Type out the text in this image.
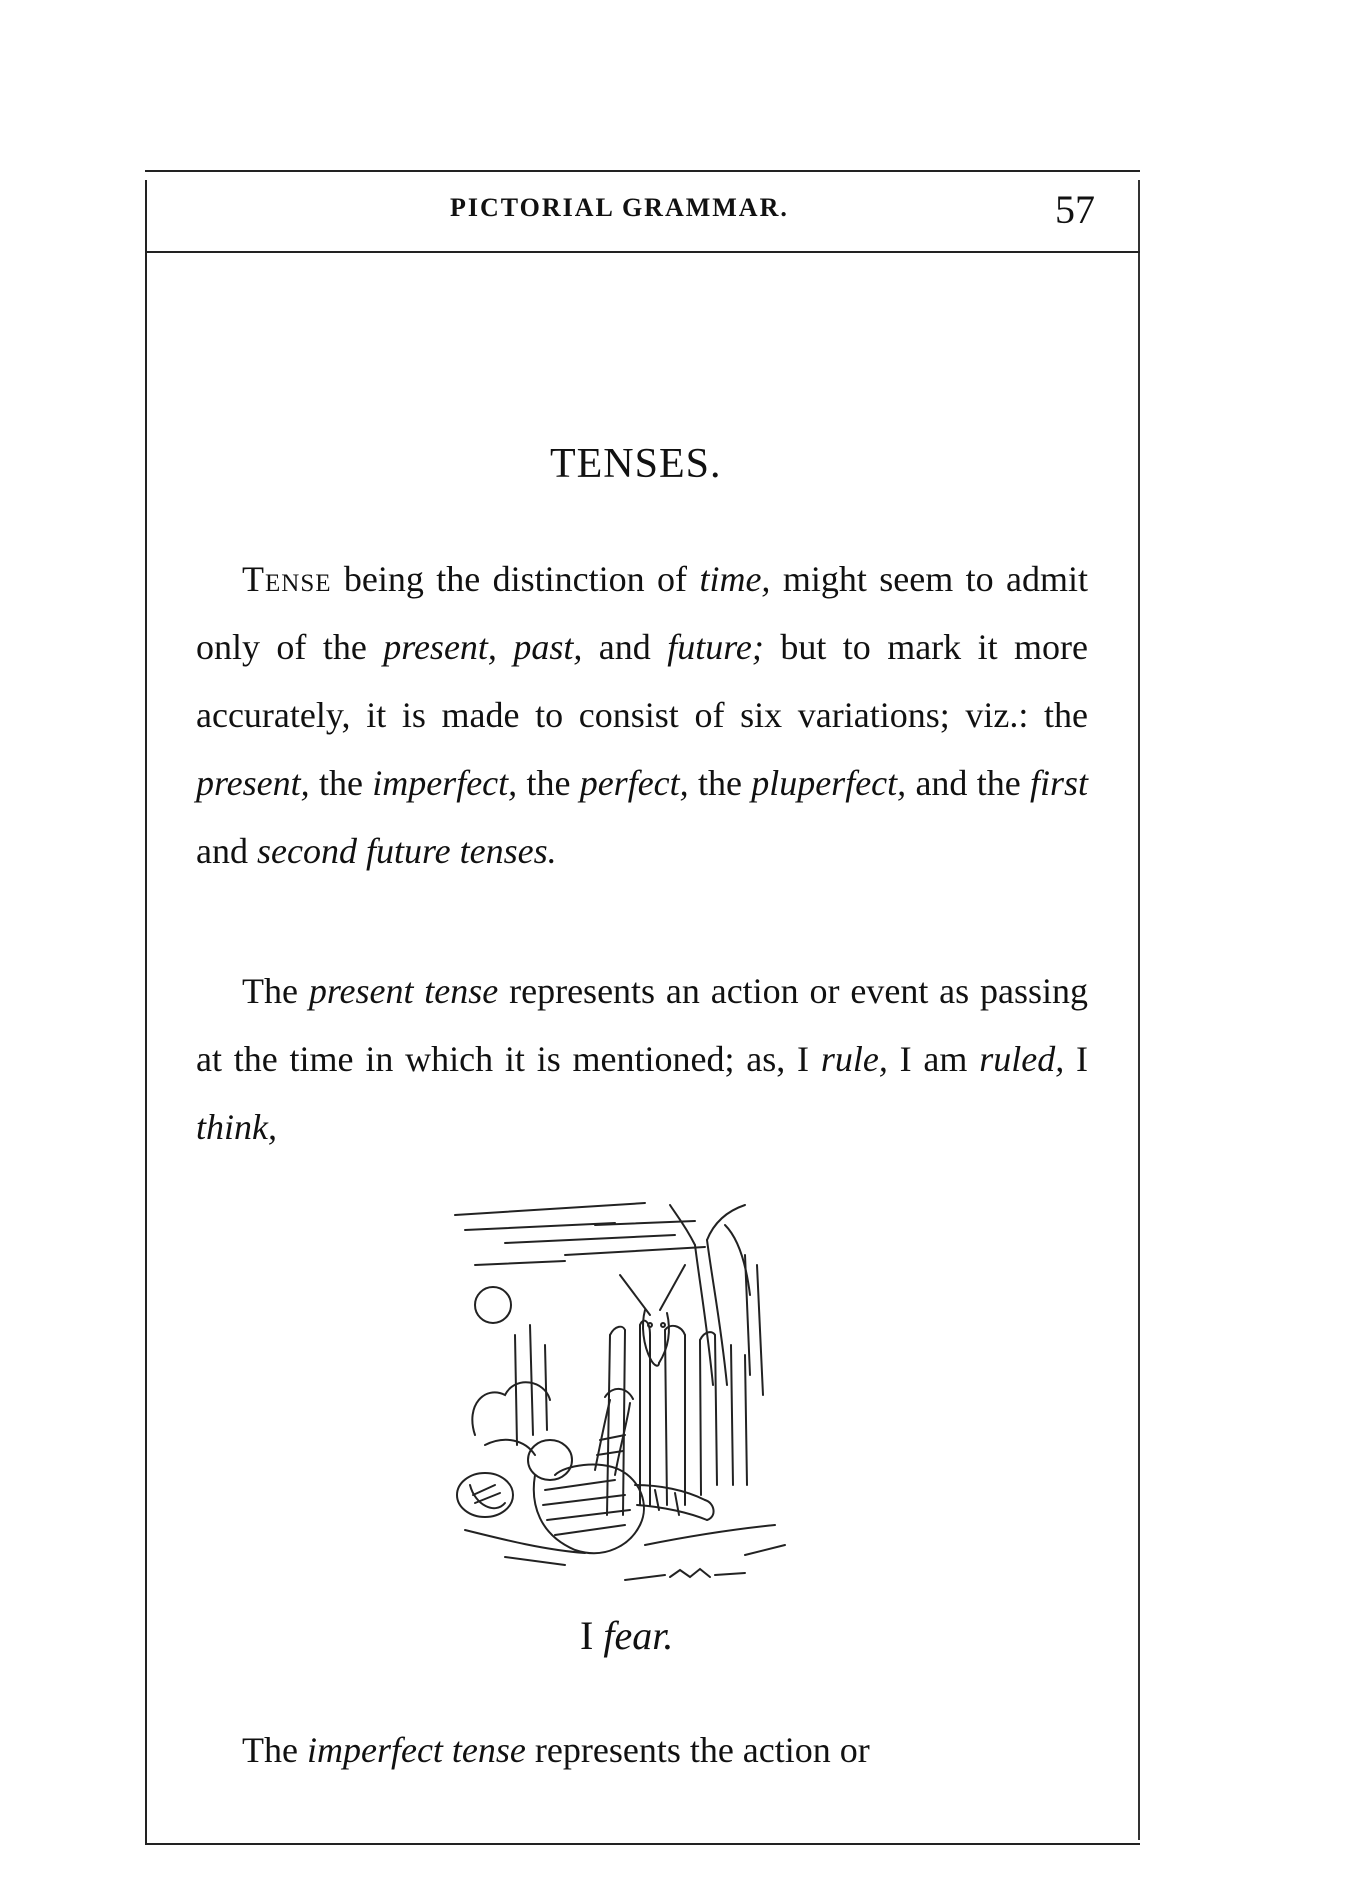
PICTORIAL GRAMMAR.	57
TENSES.

Tense being the distinction of time, might seem to admit only of the present, past, and future; but to mark it more accurately, it is made to consist of six variations; viz.: the present, the imperfect, the perfect, the pluperfect, and the first and second future tenses.

The present tense represents an action or event as passing at the time in which it is mentioned; as, I rule, I am ruled, I think,

I fear.

The imperfect tense represents the action or
